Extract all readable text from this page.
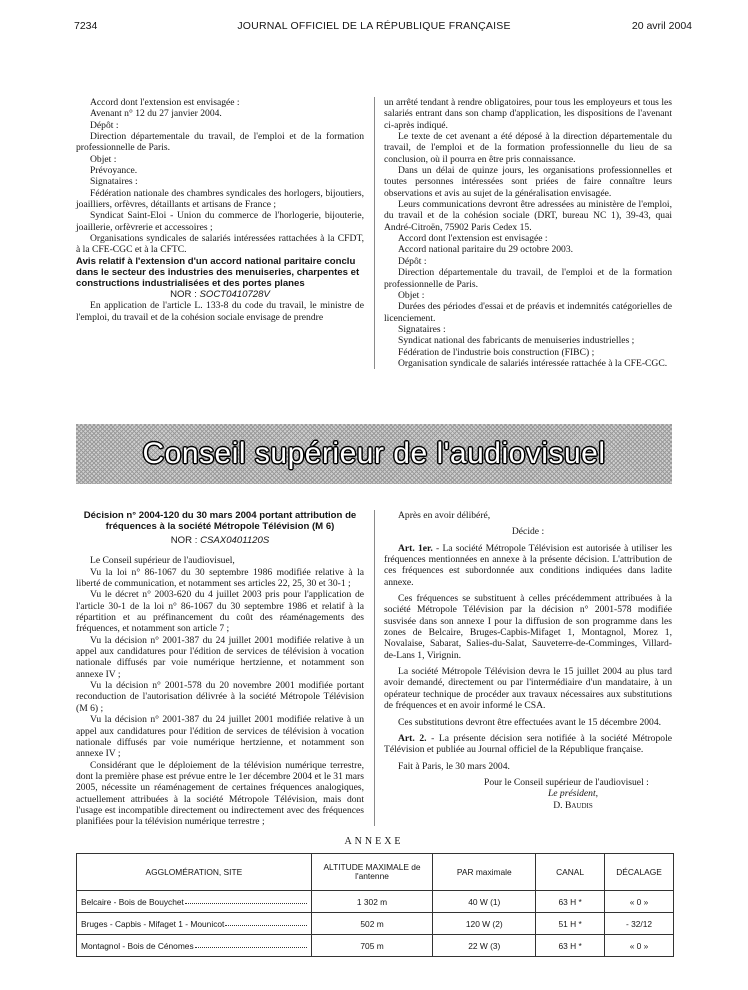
7234	JOURNAL OFFICIEL DE LA RÉPUBLIQUE FRANÇAISE	20 avril 2004

Accord dont l'extension est envisagée :

Avenant n° 12 du 27 janvier 2004.

Dépôt :

Direction départementale du travail, de l'emploi et de la formation professionnelle de Paris.

Objet :

Prévoyance.

Signataires :

Fédération nationale des chambres syndicales des horlogers, bijoutiers, joailliers, orfèvres, détaillants et artisans de France ;

Syndicat Saint-Eloi - Union du commerce de l'horlogerie, bijouterie, joaillerie, orfèvrerie et accessoires ;

Organisations syndicales de salariés intéressées rattachées à la CFDT, à la CFE-CGC et à la CFTC.

Avis relatif à l'extension d'un accord national paritaire conclu dans le secteur des industries des menuiseries, charpentes et constructions industrialisées et des portes planes

NOR : SOCT0410728V

En application de l'article L. 133-8 du code du travail, le ministre de l'emploi, du travail et de la cohésion sociale envisage de prendre

un arrêté tendant à rendre obligatoires, pour tous les employeurs et tous les salariés entrant dans son champ d'application, les dispositions de l'avenant ci-après indiqué.

Le texte de cet avenant a été déposé à la direction départementale du travail, de l'emploi et de la formation professionnelle du lieu de sa conclusion, où il pourra en être pris connaissance.

Dans un délai de quinze jours, les organisations professionnelles et toutes personnes intéressées sont priées de faire connaître leurs observations et avis au sujet de la généralisation envisagée.

Leurs communications devront être adressées au ministère de l'emploi, du travail et de la cohésion sociale (DRT, bureau NC 1), 39-43, quai André-Citroën, 75902 Paris Cedex 15.

Accord dont l'extension est envisagée :

Accord national paritaire du 29 octobre 2003.

Dépôt :

Direction départementale du travail, de l'emploi et de la formation professionnelle de Paris.

Objet :

Durées des périodes d'essai et de préavis et indemnités catégorielles de licenciement.

Signataires :

Syndicat national des fabricants de menuiseries industrielles ;

Fédération de l'industrie bois construction (FIBC) ;

Organisation syndicale de salariés intéressée rattachée à la CFE-CGC.

Conseil supérieur de l'audiovisuel

Décision n° 2004-120 du 30 mars 2004 portant attribution de fréquences à la société Métropole Télévision (M 6)

NOR : CSAX0401120S

Le Conseil supérieur de l'audiovisuel,

Vu la loi n° 86-1067 du 30 septembre 1986 modifiée relative à la liberté de communication, et notamment ses articles 22, 25, 30 et 30-1 ;

Vu le décret n° 2003-620 du 4 juillet 2003 pris pour l'application de l'article 30-1 de la loi n° 86-1067 du 30 septembre 1986 et relatif à la répartition et au préfinancement du coût des réaménagements des fréquences, et notamment son article 7 ;

Vu la décision n° 2001-387 du 24 juillet 2001 modifiée relative à un appel aux candidatures pour l'édition de services de télévision à vocation nationale diffusés par voie numérique hertzienne, et notamment son annexe IV ;

Vu la décision n° 2001-578 du 20 novembre 2001 modifiée portant reconduction de l'autorisation délivrée à la société Métropole Télévision (M 6) ;

Vu la décision n° 2001-387 du 24 juillet 2001 modifiée relative à un appel aux candidatures pour l'édition de services de télévision à vocation nationale diffusés par voie numérique hertzienne, et notamment son annexe IV ;

Considérant que le déploiement de la télévision numérique terrestre, dont la première phase est prévue entre le 1er décembre 2004 et le 31 mars 2005, nécessite un réaménagement de certaines fréquences analogiques, actuellement attribuées à la société Métropole Télévision, mais dont l'usage est incompatible directement ou indirectement avec des fréquences planifiées pour la télévision numérique terrestre ;

Après en avoir délibéré,

Décide :

Art. 1er. - La société Métropole Télévision est autorisée à utiliser les fréquences mentionnées en annexe à la présente décision. L'attribution de ces fréquences est subordonnée aux conditions indiquées dans ladite annexe.

Ces fréquences se substituent à celles précédemment attribuées à la société Métropole Télévision par la décision n° 2001-578 modifiée susvisée dans son annexe I pour la diffusion de son programme dans les zones de Belcaire, Bruges-Capbis-Mifaget 1, Montagnol, Morez 1, Novalaise, Sabarat, Salies-du-Salat, Sauveterre-de-Comminges, Villard-de-Lans 1, Virignin.

La société Métropole Télévision devra le 15 juillet 2004 au plus tard avoir demandé, directement ou par l'intermédiaire d'un mandataire, à un opérateur technique de procéder aux travaux nécessaires aux substitutions de fréquences et en avoir informé le CSA.

Ces substitutions devront être effectuées avant le 15 décembre 2004.

Art. 2. - La présente décision sera notifiée à la société Métropole Télévision et publiée au Journal officiel de la République française.

Fait à Paris, le 30 mars 2004.

Pour le Conseil supérieur de l'audiovisuel :

Le président,

D. Baudis

ANNEXE
AGGLOMÉRATION, SITE	ALTITUDE MAXIMALE de l'antenne	PAR maximale	CANAL	DÉCALAGE

Belcaire - Bois de Bouychet	1 302 m	40 W (1)	63 H *	« 0 »

Bruges - Capbis - Mifaget 1 - Mounicot	502 m	120 W (2)	51 H *	- 32/12

Montagnol - Bois de Cénomes	705 m	22 W (3)	63 H *	« 0 »
